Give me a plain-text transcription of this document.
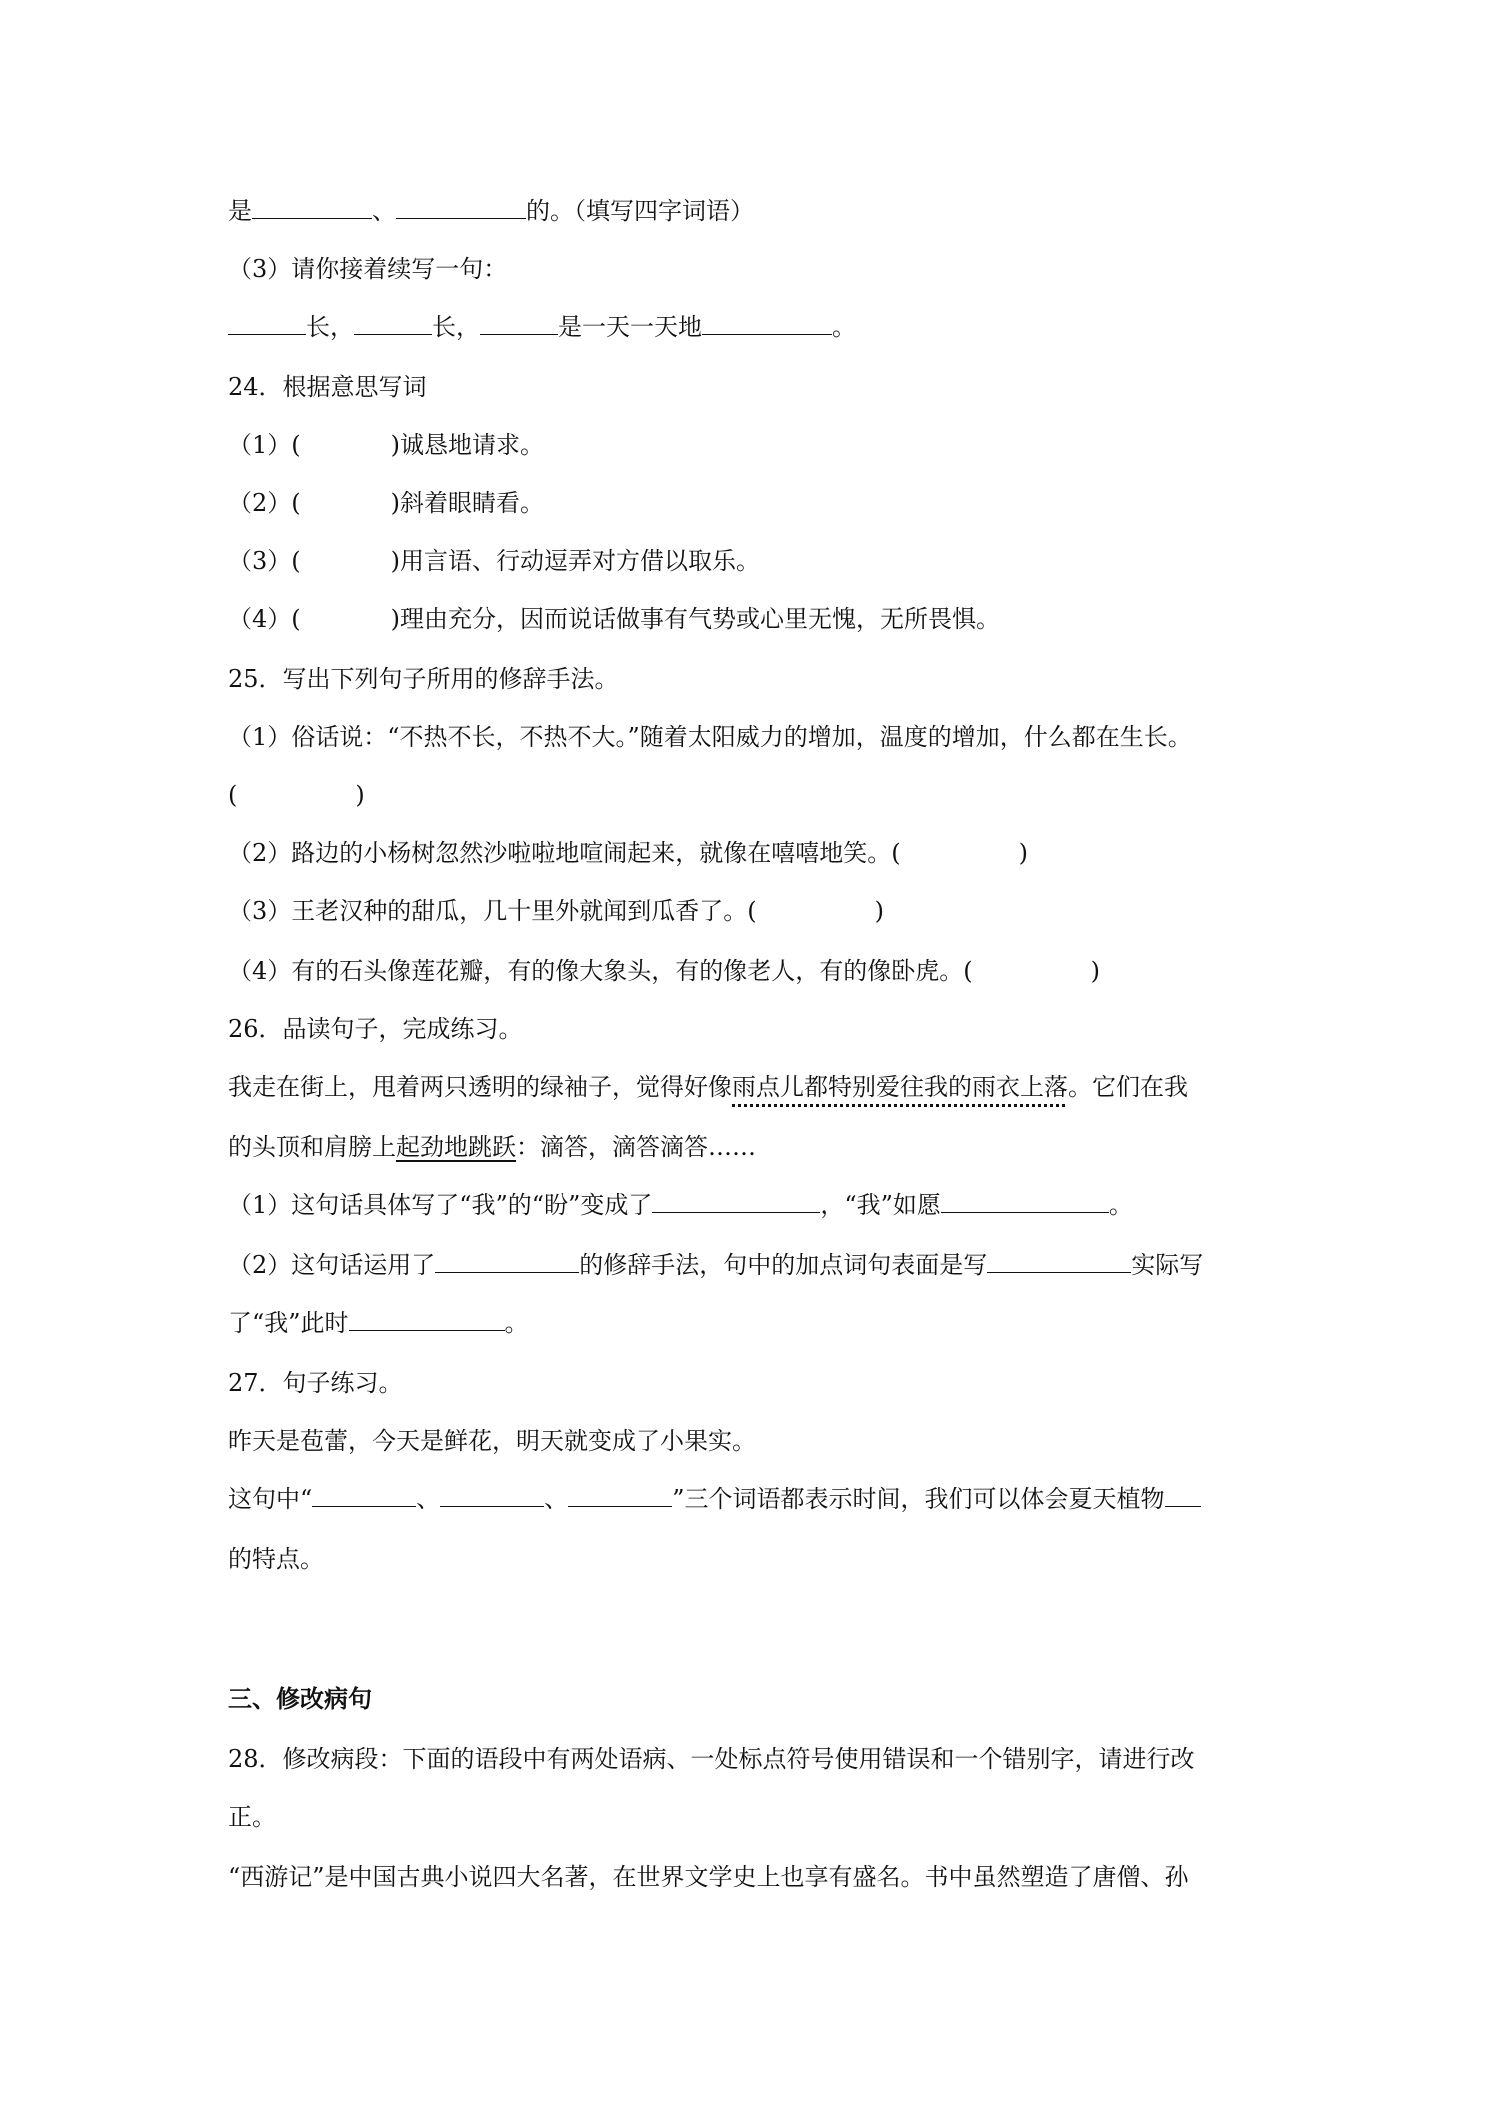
是	、	的。（填写四字词语）
（3）请你接着续写一句：
长，	长，	是一天一天地	。
24．根据意思写词
（1）(	)诚恳地请求。
（2）(	)斜着眼睛看。
（3）(	)用言语、行动逗弄对方借以取乐。
（4）(	)理由充分，因而说话做事有气势或心里无愧，无所畏惧。
25．写出下列句子所用的修辞手法。
（1）俗话说：“不热不长，不热不大。”随着太阳威力的增加，温度的增加，什么都在生长。
(	)
（2）路边的小杨树忽然沙啦啦地喧闹起来，就像在嘻嘻地笑。(	)
（3）王老汉种的甜瓜，几十里外就闻到瓜香了。(	)
（4）有的石头像莲花瓣，有的像大象头，有的像老人，有的像卧虎。(	)
26．品读句子，完成练习。
我走在街上，甩着两只透明的绿袖子，觉得好像雨点儿都特别爱往我的雨衣上落。它们在我
的头顶和肩膀上起劲地跳跃：滴答，滴答滴答……
（1）这句话具体写了“我”的“盼”变成了	，“我”如愿	。
（2）这句话运用了	的修辞手法，句中的加点词句表面是写	实际写
了“我”此时	。
27．句子练习。
昨天是苞蕾，今天是鲜花，明天就变成了小果实。
这句中“	、	、	”三个词语都表示时间，我们可以体会夏天植物
的特点。
三、修改病句
28．修改病段：下面的语段中有两处语病、一处标点符号使用错误和一个错别字，请进行改
正。
“西游记”是中国古典小说四大名著，在世界文学史上也享有盛名。书中虽然塑造了唐僧、孙
